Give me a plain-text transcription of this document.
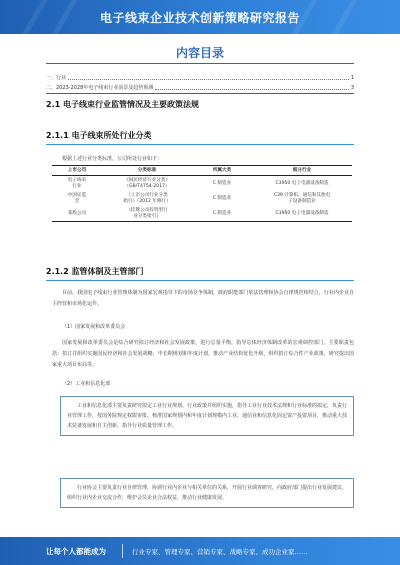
电子线束企业技术创新策略研究报告
内容目录
一、行业	1
二、2023-2028年电子线束行业前景及趋势预测	3
2.1 电子线束行业监管情况及主要政策法规
2.1.1 电子线束所处行业分类
根据上述行业分类标准，公司所处行业如下：
上市公司	分类标准	所属大类	细分行业
电子线束
行业	《国民经济行业分类》
（GB/T4754-2017）	C 制造业	C3950 电子电器设备制造
中国证监
会	《上市公司行业分类
指引》（2012 年修订）	C 制造业	C39 计算机、通信和其他电
子设备制造业
某股公司	《挂牌公司投资型行
业分类指引》	C 制造业	C3950 电子电器设备制造
2.1.2 监管体制及主管部门
目前，我国电子线束行业管理体制为国家宏观指导下的市场竞争体制，政府职能部门依法管理和协会自律规范相结合，行业内企业自主经营和市场化运作。
（1）国家发展和改革委员会
国家发展和改革委员会是综合研究拟订经济和社会发展政策，进行总量平衡，指导总体经济体制改革的宏观调控部门，主要职责包括：拟订并组织实施国民经济和社会发展战略、中长期规划和年度计划，推动产业结构优化升级，组织拟订综合性产业政策，研究提出国家重大项目布局等。
（2）工业和信息化部
工业和信息化部主要负责研究拟定工业行业规划、行业政策并组织实施，指导工业行业技术法规和行业标准的拟定，负责行业管理工作，按国务院规定权限审批、核准国家规划内和年度计划规模内工业、通信业和信息化固定资产投资项目，推动重大技术装备发展和自主创新，指导行业质量管理工作。
行业协会主要负责行业自律管理，协调行业内企业与相关单位的关系，开展行业调查研究，向政府部门提出行业发展建议，组织行业内企业交流合作，维护会员企业合法权益，推动行业健康发展。
让每个人都能成为	行业专家、管理专家、营销专家、战略专家、成功企业家……
